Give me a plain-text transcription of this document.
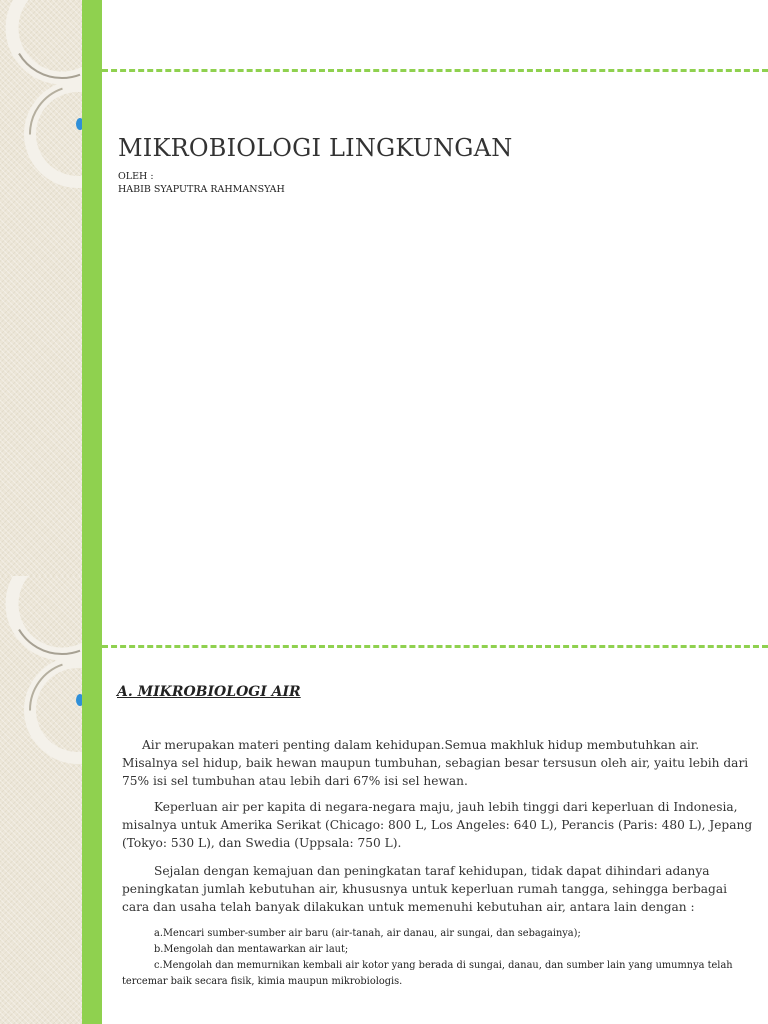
MIKROBIOLOGI LINGKUNGAN
OLEH :
HABIB SYAPUTRA RAHMANSYAH
A. MIKROBIOLOGI AIR

Air merupakan materi penting dalam kehidupan.Semua makhluk hidup membutuhkan air. Misalnya sel hidup, baik hewan maupun tumbuhan, sebagian besar tersusun oleh air, yaitu lebih dari 75% isi sel tumbuhan atau lebih dari 67% isi sel hewan.

Keperluan air per kapita di negara-negara maju, jauh lebih tinggi dari keperluan di Indonesia, misalnya untuk Amerika Serikat (Chicago: 800 L, Los Angeles: 640 L), Perancis (Paris: 480 L), Jepang (Tokyo: 530 L), dan Swedia (Uppsala: 750 L).

Sejalan dengan kemajuan dan peningkatan taraf kehidupan, tidak dapat dihindari adanya peningkatan jumlah kebutuhan air, khususnya untuk keperluan rumah tangga, sehingga berbagai cara dan usaha telah banyak dilakukan untuk memenuhi kebutuhan air, antara lain dengan :

a.Mencari sumber-sumber air baru (air-tanah, air danau, air sungai, dan sebagainya);
b.Mengolah dan mentawarkan air laut;
c.Mengolah dan memurnikan kembali air kotor yang berada di sungai, danau, dan sumber lain yang umumnya telah tercemar baik secara fisik, kimia maupun mikrobiologis.
